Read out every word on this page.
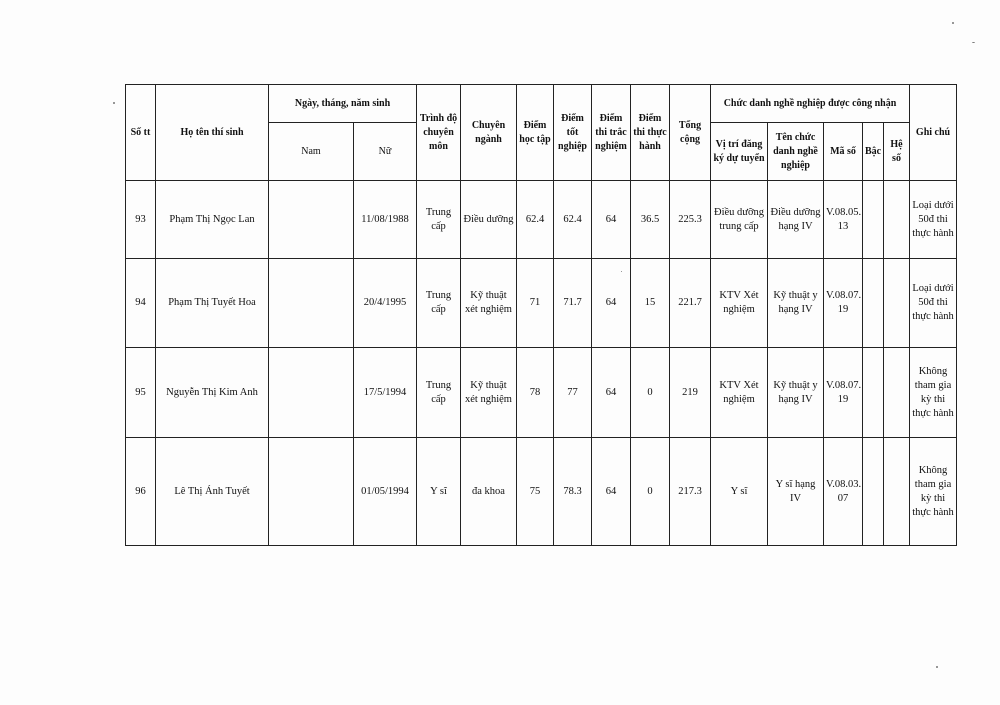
Số tt	Họ tên thí sinh	Ngày, tháng, năm sinh		Trình độ chuyên môn	Chuyên ngành	Điểm học tập	Điểm tốt nghiệp	Điểm thi trắc nghiệm	Điểm thi thực hành	Tổng cộng	Chức danh nghề nghiệp được công nhận					Ghi chú
		Nam	Nữ								Vị trí đăng ký dự tuyển	Tên chức danh nghề nghiệp	Mã số	Bậc	Hệ số	
93	Phạm Thị Ngọc Lan		11/08/1988	Trung cấp	Điều dưỡng	62.4	62.4	64	36.5	225.3	Điều dưỡng trung cấp	Điều dưỡng hạng IV	V.08.05. 13			Loại dưới 50đ thi thực hành
94	Phạm Thị Tuyết Hoa		20/4/1995	Trung cấp	Kỹ thuật xét nghiệm	71	71.7	64	15	221.7	KTV Xét nghiệm	Kỹ thuật y hạng IV	V.08.07. 19			Loại dưới 50đ thi thực hành
95	Nguyễn Thị Kim Anh		17/5/1994	Trung cấp	Kỹ thuật xét nghiệm	78	77	64	0	219	KTV Xét nghiệm	Kỹ thuật y hạng IV	V.08.07. 19			Không tham gia kỳ thi thực hành
96	Lê Thị Ánh Tuyết		01/05/1994	Y sĩ	đa khoa	75	78.3	64	0	217.3	Y sĩ	Y sĩ hạng IV	V.08.03. 07			Không tham gia kỳ thi thực hành
